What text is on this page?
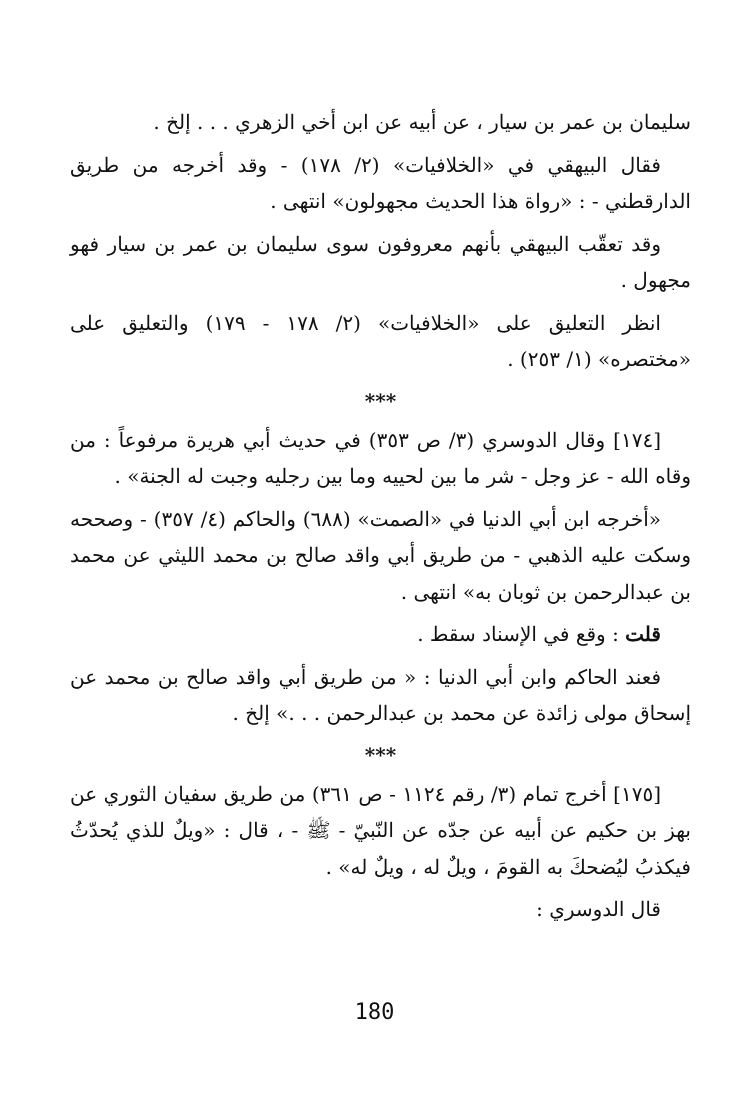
سليمان بن عمر بن سيار ، عن أبيه عن ابن أخي الزهري . . . إلخ .

فقال البيهقي في «الخلافيات» (٢/ ١٧٨) - وقد أخرجه من طريق الدارقطني - : «رواة هذا الحديث مجهولون» انتهى .

وقد تعقّب البيهقي بأنهم معروفون سوى سليمان بن عمر بن سيار فهو مجهول .

انظر التعليق على «الخلافيات» (٢/ ١٧٨ - ١٧٩) والتعليق على «مختصره» (١/ ٢٥٣) .

***

[١٧٤] وقال الدوسري (٣/ ص ٣٥٣) في حديث أبي هريرة مرفوعاً : من وقاه الله - عز وجل - شر ما بين لحييه وما بين رجليه وجبت له الجنة» .

«أخرجه ابن أبي الدنيا في «الصمت» (٦٨٨) والحاكم (٤/ ٣٥٧) - وصححه وسكت عليه الذهبي - من طريق أبي واقد صالح بن محمد الليثي عن محمد بن عبدالرحمن بن ثوبان به» انتهى .

قلت : وقع في الإسناد سقط .

فعند الحاكم وابن أبي الدنيا : « من طريق أبي واقد صالح بن محمد عن إسحاق مولى زائدة عن محمد بن عبدالرحمن . . .» إلخ .

***

[١٧٥] أخرج تمام (٣/ رقم ١١٢٤ - ص ٣٦١) من طريق سفيان الثوري عن بهز بن حكيم عن أبيه عن جدّه عن النّبيّ - ﷺ - ، قال : «ويلٌ للذي يُحدّثُ فيكذبُ ليُضحكَ به القومَ ، ويلٌ له ، ويلٌ له» .

قال الدوسري :

180
